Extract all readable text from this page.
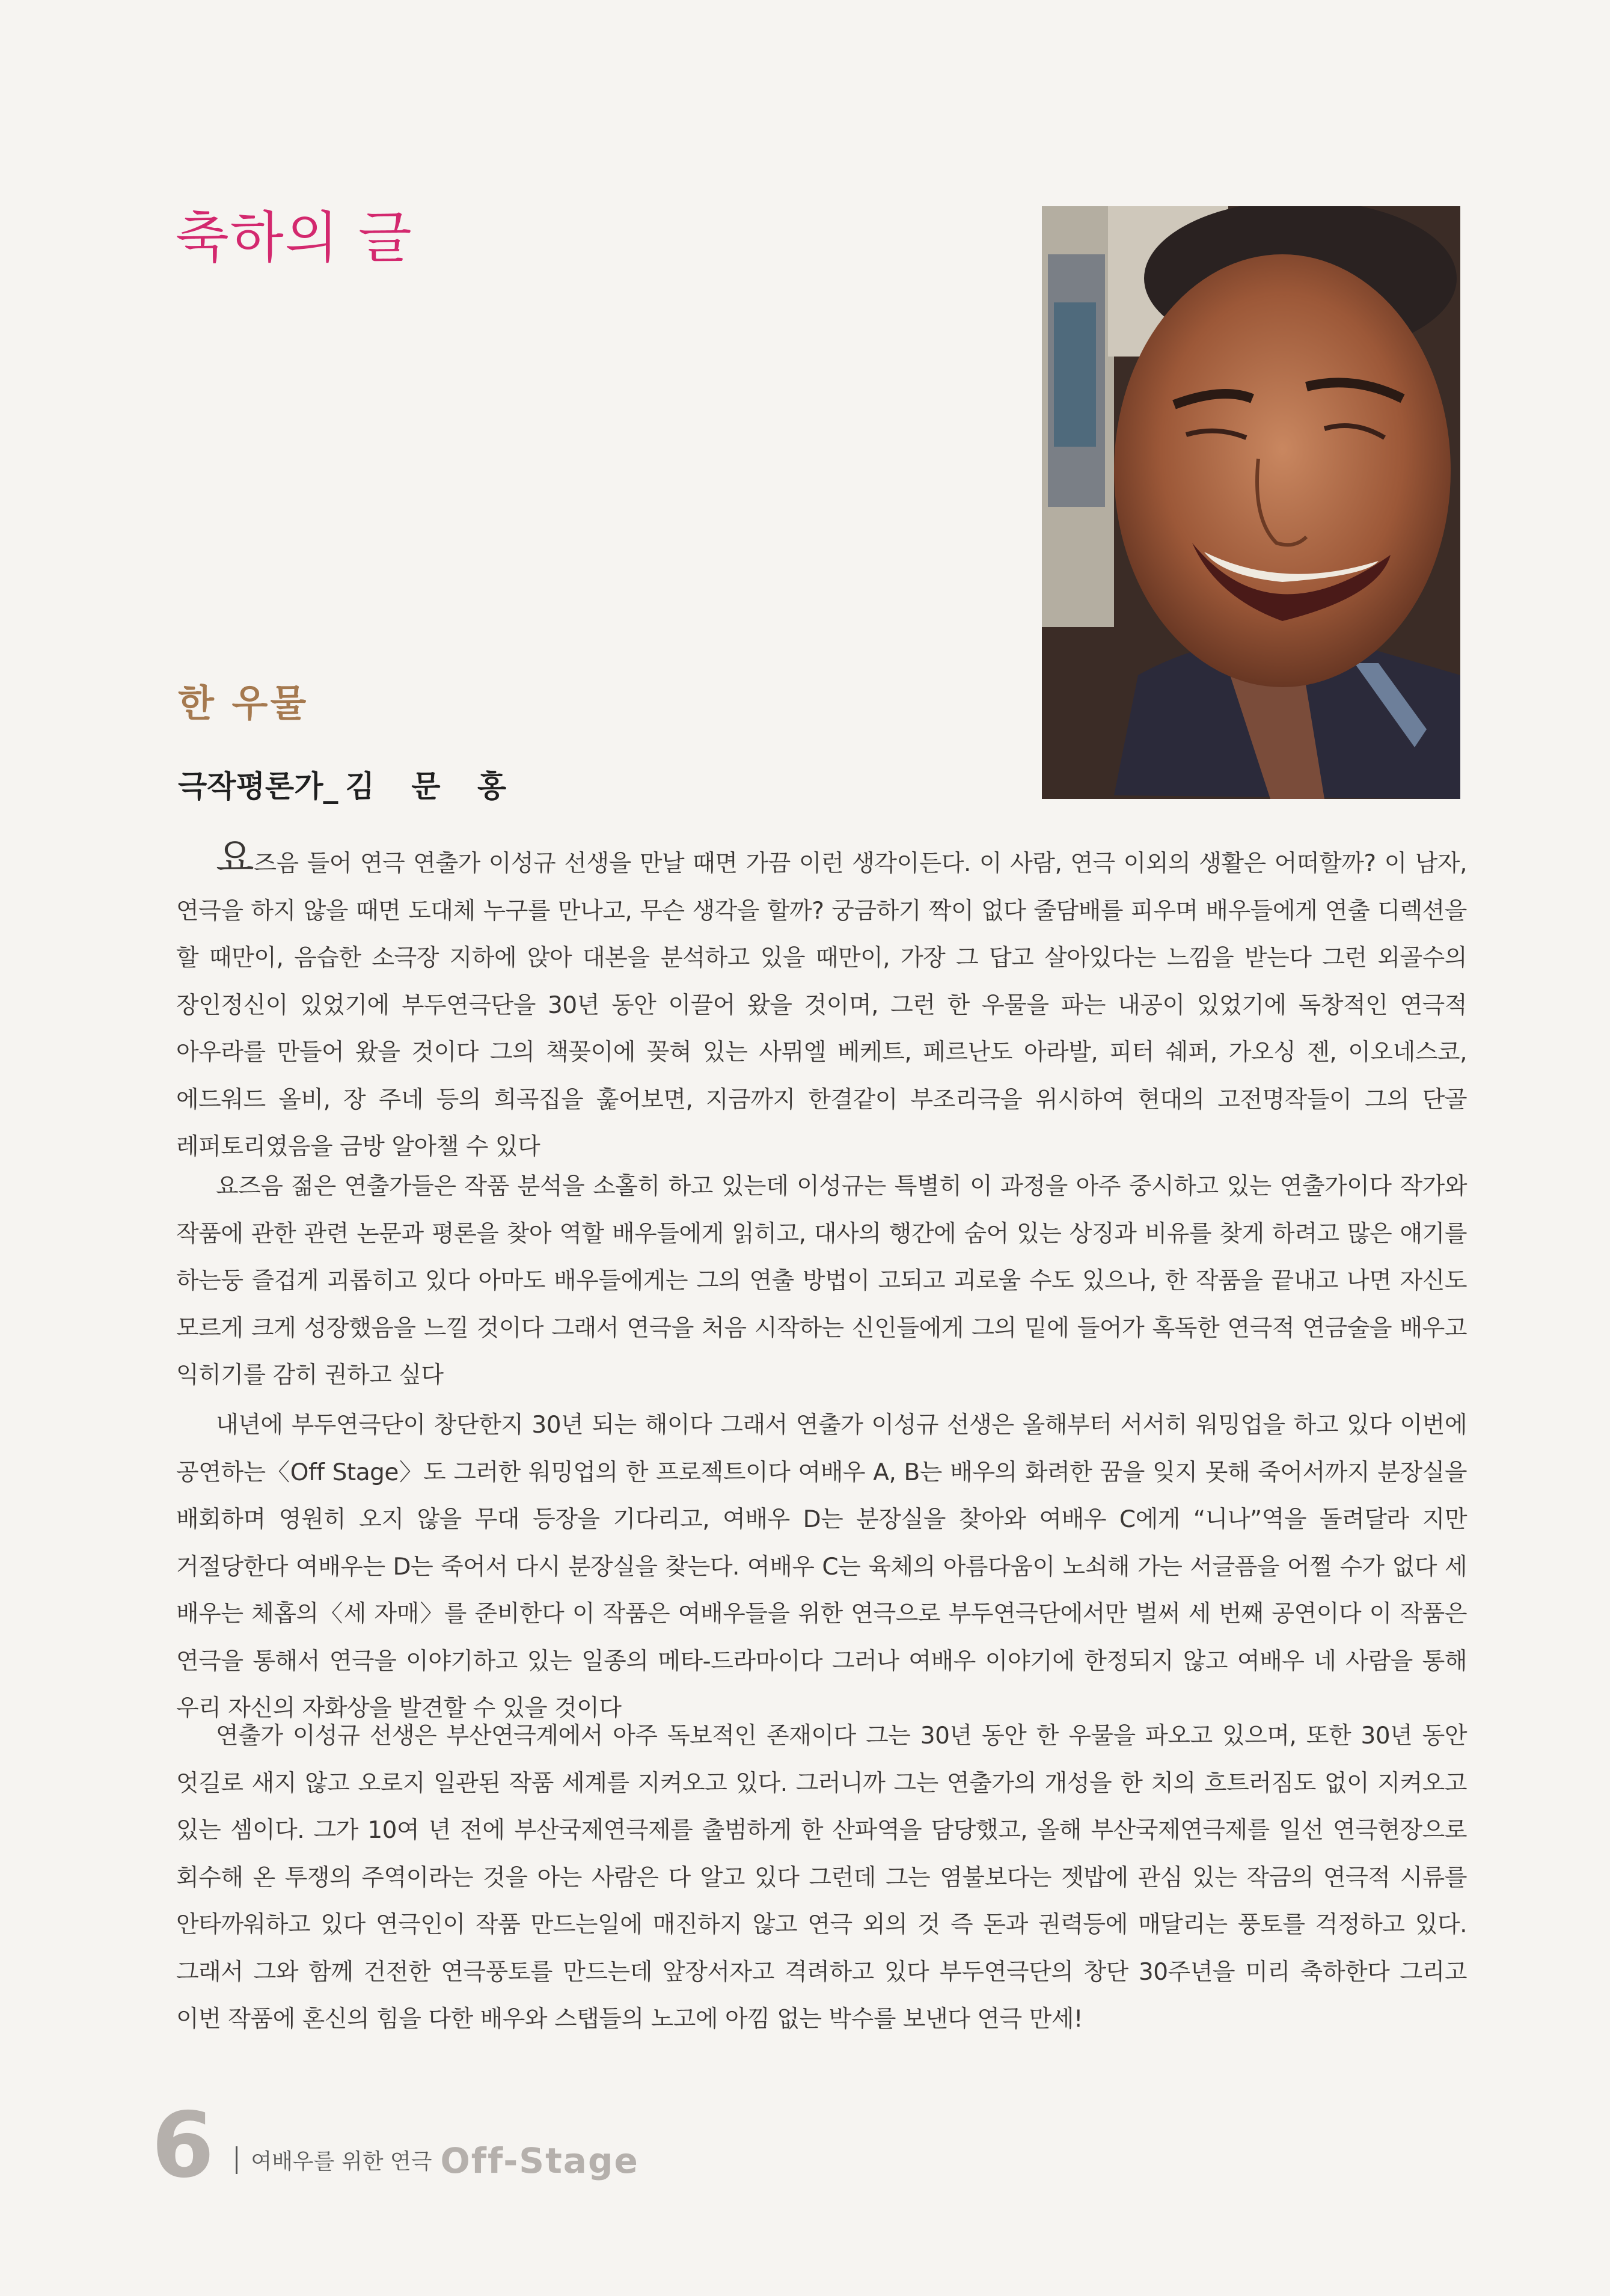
축하의 글
한 우물

극작평론가_ 김 문 홍

요즈음 들어 연극 연출가 이성규 선생을 만날 때면 가끔 이런 생각이든다. 이 사람, 연극 이외의 생활은 어떠할까? 이 남자, 연극을 하지 않을 때면 도대체 누구를 만나고, 무슨 생각을 할까? 궁금하기 짝이 없다 줄담배를 피우며 배우들에게 연출 디렉션을 할 때만이, 음습한 소극장 지하에 앉아 대본을 분석하고 있을 때만이, 가장 그 답고 살아있다는 느낌을 받는다 그런 외골수의 장인정신이 있었기에 부두연극단을 30년 동안 이끌어 왔을 것이며, 그런 한 우물을 파는 내공이 있었기에 독창적인 연극적 아우라를 만들어 왔을 것이다 그의 책꽂이에 꽂혀 있는 사뮈엘 베케트, 페르난도 아라발, 피터 쉐퍼, 가오싱 젠, 이오네스코, 에드워드 올비, 장 주네 등의 희곡집을 훑어보면, 지금까지 한결같이 부조리극을 위시하여 현대의 고전명작들이 그의 단골 레퍼토리였음을 금방 알아챌 수 있다

요즈음 젊은 연출가들은 작품 분석을 소홀히 하고 있는데 이성규는 특별히 이 과정을 아주 중시하고 있는 연출가이다 작가와 작품에 관한 관련 논문과 평론을 찾아 역할 배우들에게 읽히고, 대사의 행간에 숨어 있는 상징과 비유를 찾게 하려고 많은 얘기를 하는둥 즐겁게 괴롭히고 있다 아마도 배우들에게는 그의 연출 방법이 고되고 괴로울 수도 있으나, 한 작품을 끝내고 나면 자신도 모르게 크게 성장했음을 느낄 것이다 그래서 연극을 처음 시작하는 신인들에게 그의 밑에 들어가 혹독한 연극적 연금술을 배우고 익히기를 감히 권하고 싶다

내년에 부두연극단이 창단한지 30년 되는 해이다 그래서 연출가 이성규 선생은 올해부터 서서히 워밍업을 하고 있다 이번에 공연하는〈Off Stage〉도 그러한 워밍업의 한 프로젝트이다 여배우 A, B는 배우의 화려한 꿈을 잊지 못해 죽어서까지 분장실을 배회하며 영원히 오지 않을 무대 등장을 기다리고, 여배우 D는 분장실을 찾아와 여배우 C에게 “니나”역을 돌려달라 지만 거절당한다 여배우는 D는 죽어서 다시 분장실을 찾는다. 여배우 C는 육체의 아름다움이 노쇠해 가는 서글픔을 어쩔 수가 없다 세 배우는 체홉의〈세 자매〉를 준비한다 이 작품은 여배우들을 위한 연극으로 부두연극단에서만 벌써 세 번째 공연이다 이 작품은 연극을 통해서 연극을 이야기하고 있는 일종의 메타-드라마이다 그러나 여배우 이야기에 한정되지 않고 여배우 네 사람을 통해 우리 자신의 자화상을 발견할 수 있을 것이다

연출가 이성규 선생은 부산연극계에서 아주 독보적인 존재이다 그는 30년 동안 한 우물을 파오고 있으며, 또한 30년 동안 엇길로 새지 않고 오로지 일관된 작품 세계를 지켜오고 있다. 그러니까 그는 연출가의 개성을 한 치의 흐트러짐도 없이 지켜오고 있는 셈이다. 그가 10여 년 전에 부산국제연극제를 출범하게 한 산파역을 담당했고, 올해 부산국제연극제를 일선 연극현장으로 회수해 온 투쟁의 주역이라는 것을 아는 사람은 다 알고 있다 그런데 그는 염불보다는 젯밥에 관심 있는 작금의 연극적 시류를 안타까워하고 있다 연극인이 작품 만드는일에 매진하지 않고 연극 외의 것 즉 돈과 권력등에 매달리는 풍토를 걱정하고 있다. 그래서 그와 함께 건전한 연극풍토를 만드는데 앞장서자고 격려하고 있다 부두연극단의 창단 30주년을 미리 축하한다 그리고 이번 작품에 혼신의 힘을 다한 배우와 스탭들의 노고에 아낌 없는 박수를 보낸다 연극 만세!

6 여배우를 위한 연극 Off-Stage
